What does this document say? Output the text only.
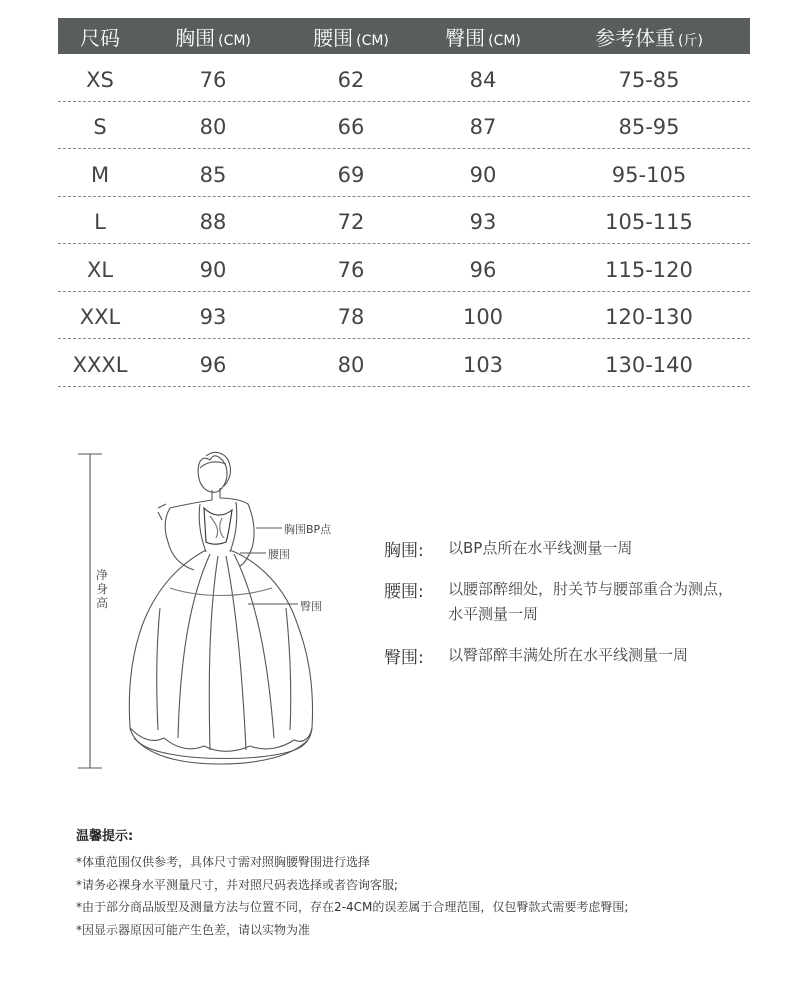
尺码	胸围 (CM)	腰围 (CM)	臀围 (CM)	参考体重 (斤)
XS	76	62	84	75-85
S	80	66	87	85-95
M	85	69	90	95-105
L	88	72	93	105-115
XL	90	76	96	115-120
XXL	93	78	100	120-130
XXXL	96	80	103	130-140
净身高
胸围BP点
腰围
臀围
胸围:	以BP点所在水平线测量一周
腰围:	以腰部醉细处，肘关节与腰部重合为测点，水平测量一周
臀围:	以臀部醉丰满处所在水平线测量一周
温馨提示:
*体重范围仅供参考，具体尺寸需对照胸腰臀围进行选择
*请务必裸身水平测量尺寸，并对照尺码表选择或者咨询客服;
*由于部分商品版型及测量方法与位置不同，存在2-4CM的误差属于合理范围，仅包臀款式需要考虑臀围;
*因显示器原因可能产生色差，请以实物为准
